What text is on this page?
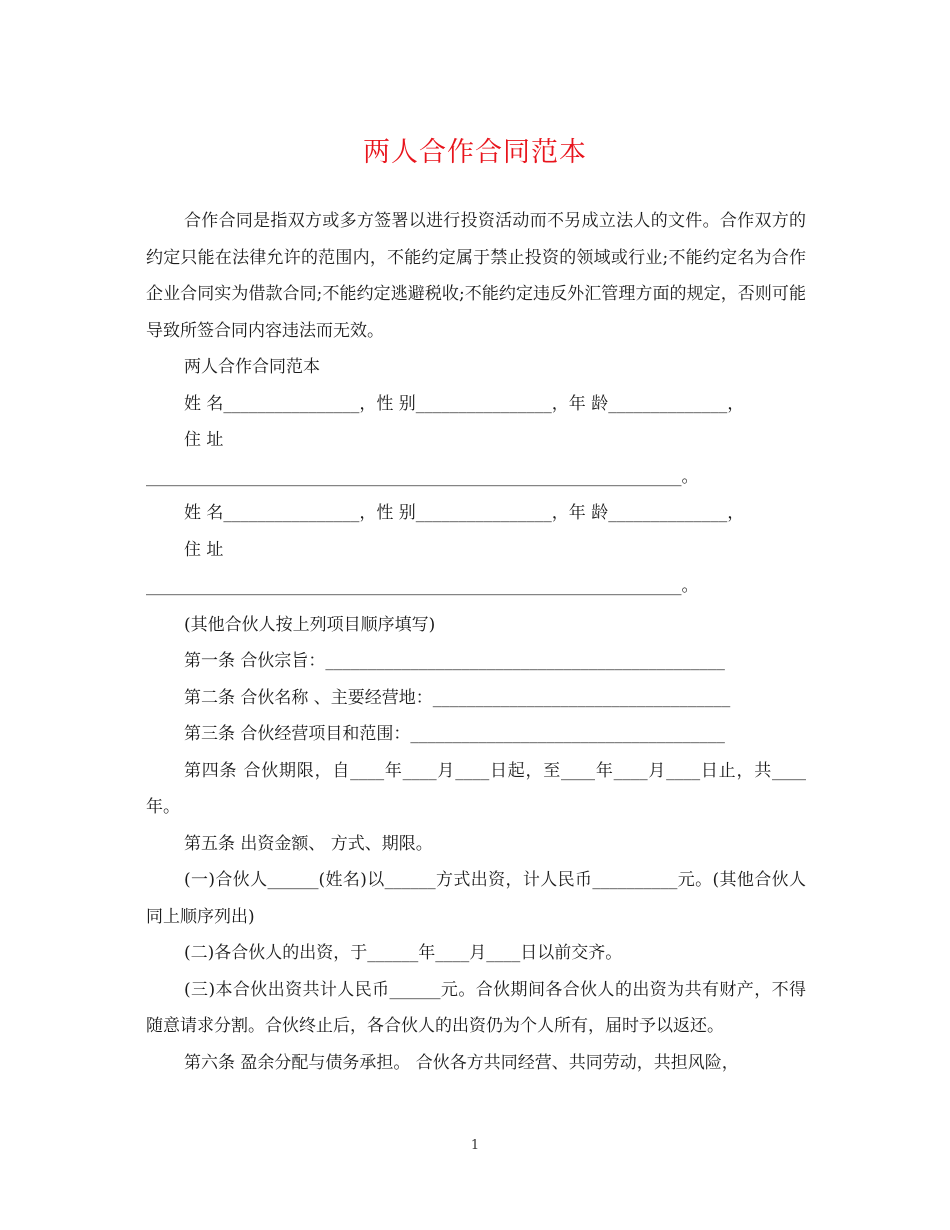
两人合作合同范本

合作合同是指双方或多方签署以进行投资活动而不另成立法人的文件。合作双方的约定只能在法律允许的范围内，不能约定属于禁止投资的领域或行业;不能约定名为合作企业合同实为借款合同;不能约定逃避税收;不能约定违反外汇管理方面的规定，否则可能导致所签合同内容违法而无效。

两人合作合同范本

姓 名________________，性 别________________，年 龄______________，

住 址

_______________________________________________________________。

姓 名________________，性 别________________，年 龄______________，

住 址

_______________________________________________________________。

(其他合伙人按上列项目顺序填写)

第一条 合伙宗旨：_______________________________________________

第二条 合伙名称 、主要经营地：___________________________________

第三条 合伙经营项目和范围：_____________________________________

第四条 合伙期限，自____年____月____日起，至____年____月____日止，共____年。

第五条 出资金额、 方式、期限。

(一)合伙人______(姓名)以______方式出资，计人民币__________元。(其他合伙人同上顺序列出)

(二)各合伙人的出资，于______年____月____日以前交齐。

(三)本合伙出资共计人民币______元。合伙期间各合伙人的出资为共有财产，不得随意请求分割。合伙终止后，各合伙人的出资仍为个人所有，届时予以返还。

第六条 盈余分配与债务承担。 合伙各方共同经营、共同劳动，共担风险，

1
